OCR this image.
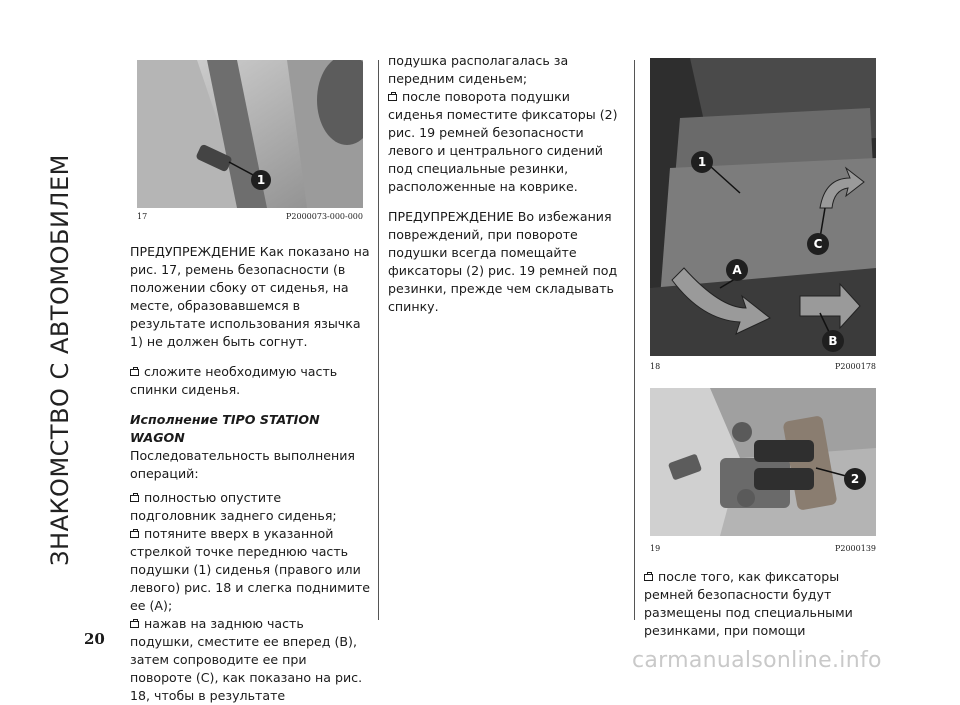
ЗНАКОМСТВО С АВТОМОБИЛЕМ
20
1
17	P2000073-000-000

ПРЕДУПРЕЖДЕНИЕ Как показано на рис. 17, ремень безопасности (в положении сбоку от сиденья, на месте, образовавшемся в результате использования язычка 1) не должен быть согнут.

сложите необходимую часть спинки сиденья.

Исполнение TIPO STATION WAGON

Последовательность выполнения операций:

полностью опустите подголовник заднего сиденья;

потяните вверх в указанной стрелкой точке переднюю часть подушки (1) сиденья (правого или левого) рис. 18 и слегка поднимите ее (A);

нажав на заднюю часть подушки, сместите ее вперед (B), затем сопроводите ее при повороте (C), как показано на рис. 18, чтобы в результате

подушка располагалась за передним сиденьем;

после поворота подушки сиденья поместите фиксаторы (2) рис. 19 ремней безопасности левого и центрального сидений под специальные резинки, расположенные на коврике.

ПРЕДУПРЕЖДЕНИЕ Во избежания повреждений, при повороте подушки всегда помещайте фиксаторы (2) рис. 19 ремней под резинки, прежде чем складывать спинку.

1
C
A
B
18	P2000178
2
19	P2000139

после того, как фиксаторы ремней безопасности будут размещены под специальными резинками, при помощи

carmanualsonline.info
